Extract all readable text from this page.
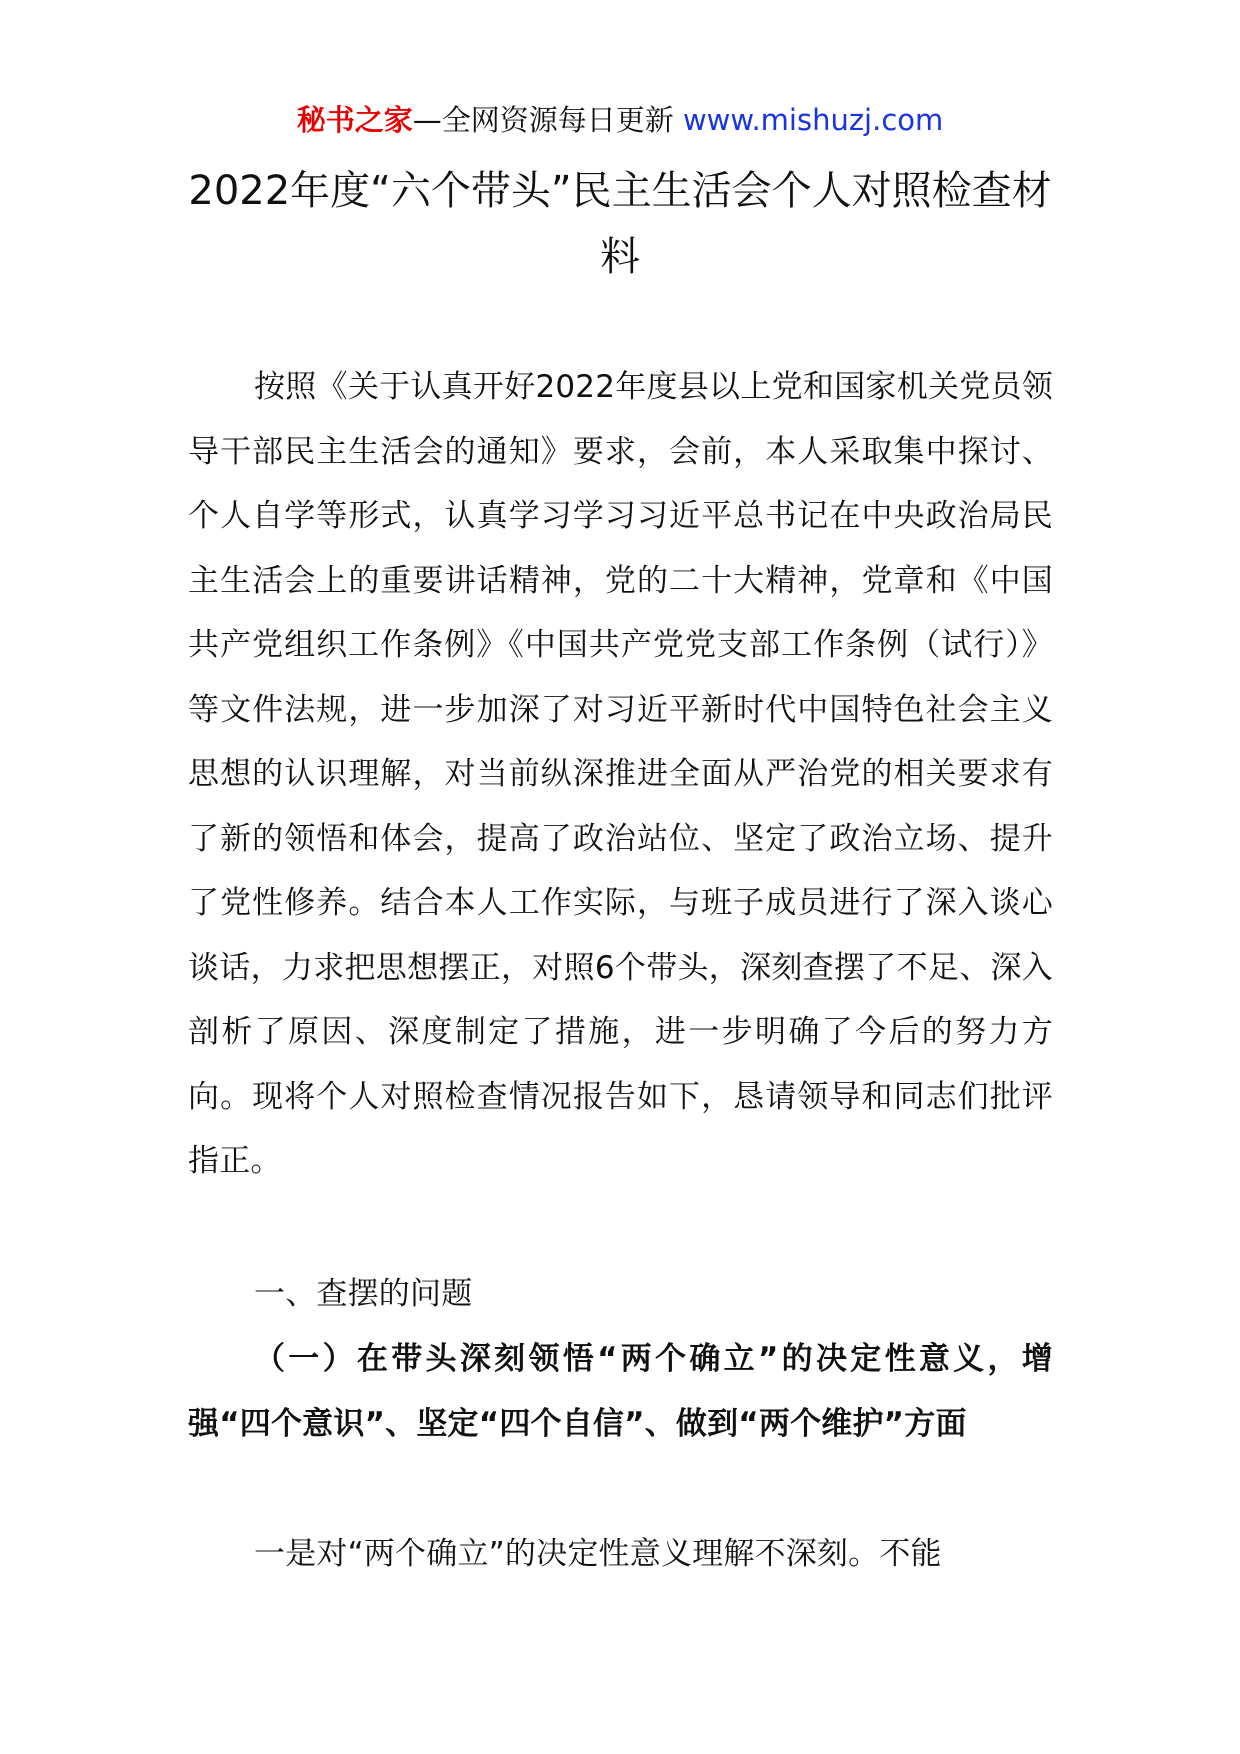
秘书之家—全网资源每日更新 www.mishuzj.com
2022年度“六个带头”民主生活会个人对照检查材料

按照《关于认真开好2022年度县以上党和国家机关党员领导干部民主生活会的通知》要求，会前，本人采取集中探讨、个人自学等形式，认真学习学习习近平总书记在中央政治局民主生活会上的重要讲话精神，党的二十大精神，党章和《中国共产党组织工作条例》《中国共产党党支部工作条例（试行）》等文件法规，进一步加深了对习近平新时代中国特色社会主义思想的认识理解，对当前纵深推进全面从严治党的相关要求有了新的领悟和体会，提高了政治站位、坚定了政治立场、提升了党性修养。结合本人工作实际，与班子成员进行了深入谈心谈话，力求把思想摆正，对照6个带头，深刻查摆了不足、深入剖析了原因、深度制定了措施，进一步明确了今后的努力方向。现将个人对照检查情况报告如下，恳请领导和同志们批评指正。

一、查摆的问题

（一）在带头深刻领悟“两个确立”的决定性意义，增强“四个意识”、坚定“四个自信”、做到“两个维护”方面

一是对“两个确立”的决定性意义理解不深刻。不能
